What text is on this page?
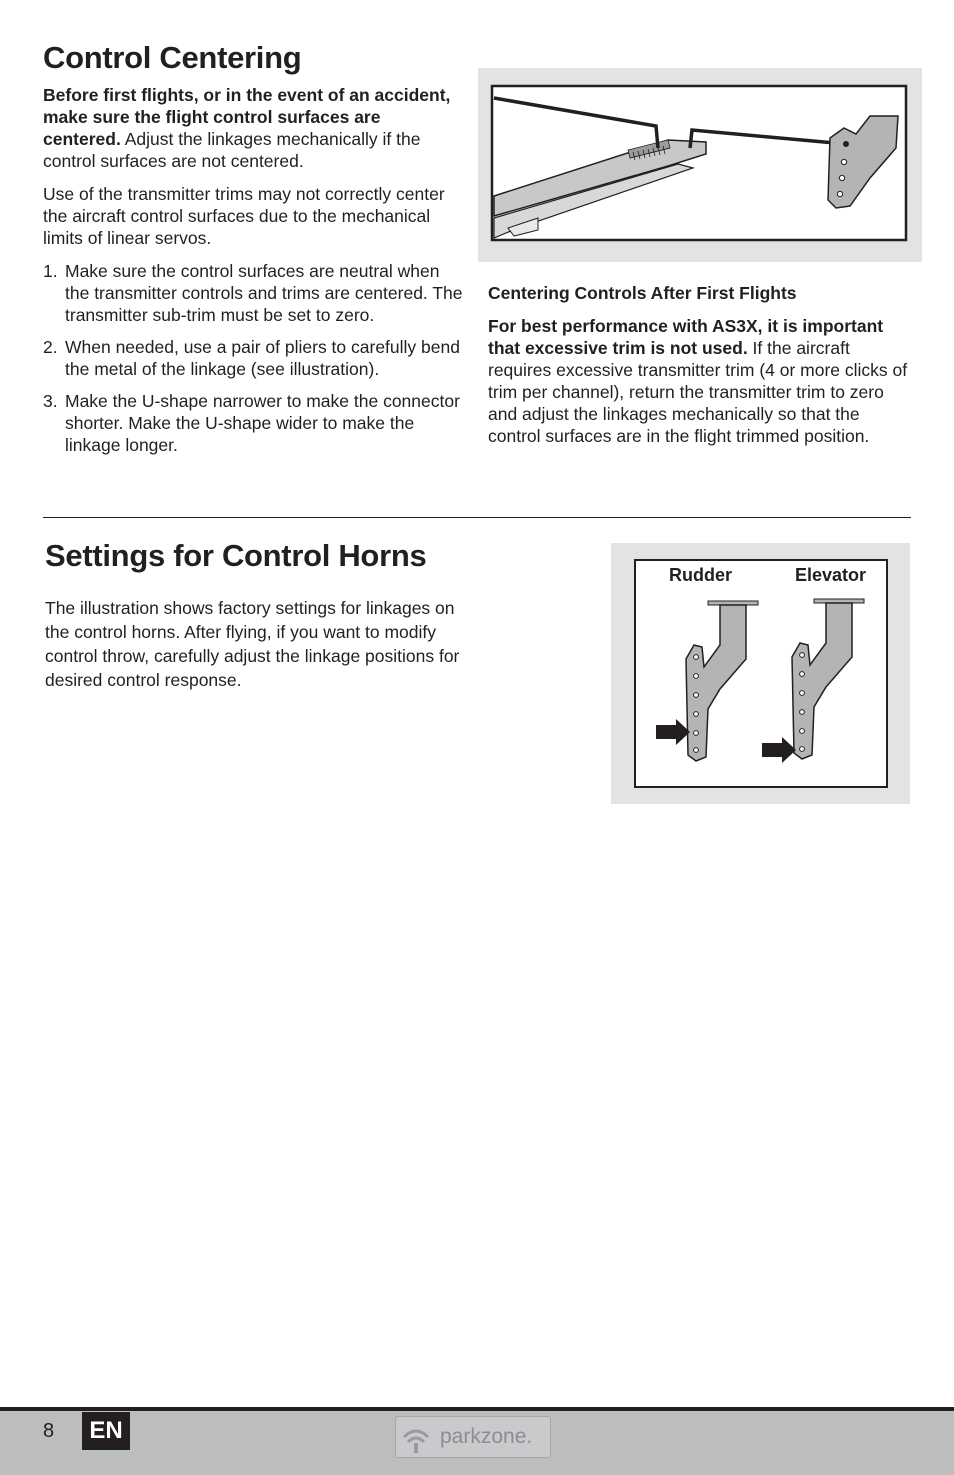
Control Centering

Before first flights, or in the event of an accident, make sure the flight control surfaces are centered. Adjust the linkages mechanically if the control surfaces are not centered.

Use of the transmitter trims may not correctly center the aircraft control surfaces due to the mechanical limits of linear servos.

1. Make sure the control surfaces are neutral when the transmitter controls and trims are centered. The transmitter sub-trim must be set to zero.
2. When needed, use a pair of pliers to carefully bend the metal of the linkage (see illustration).
3. Make the U-shape narrower to make the connector shorter. Make the U-shape wider to make the linkage longer.

Centering Controls After First Flights

For best performance with AS3X, it is important that excessive trim is not used. If the aircraft requires excessive transmitter trim (4 or more clicks of trim per channel), return the transmitter trim to zero and adjust the linkages mechanically so that the control surfaces are in the flight trimmed position.

Settings for Control Horns

The illustration shows factory settings for linkages on the control horns. After flying, if you want to modify control throw, carefully adjust the linkage positions for desired control response.

Rudder	Elevator
8	EN	parkzone.
